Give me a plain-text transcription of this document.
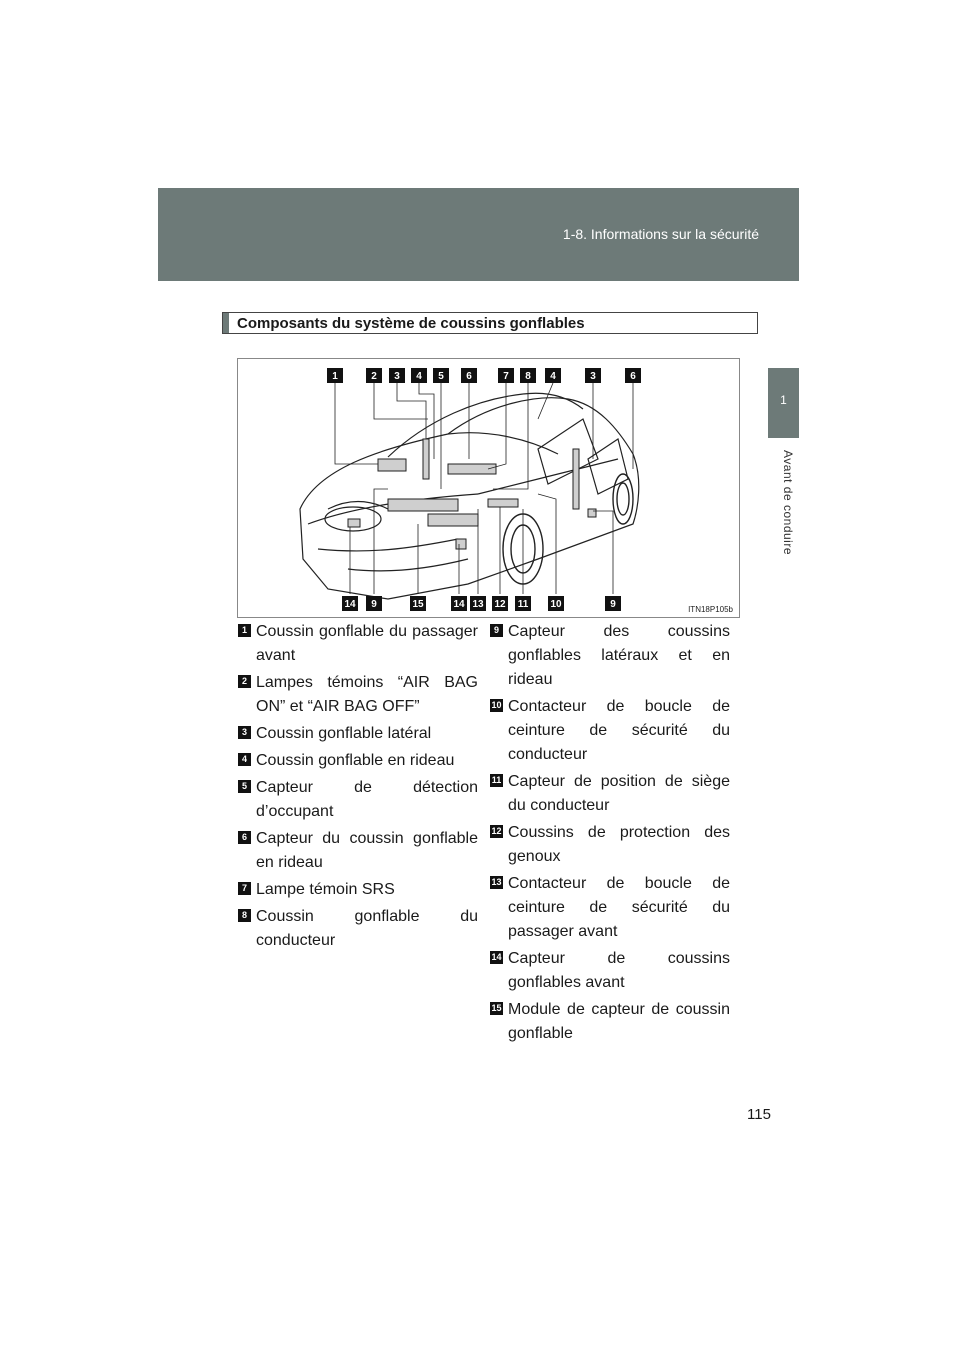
1-8. Informations sur la sécurité
1
Avant de conduire
Composants du système de coussins gonflables
1	2 3 4 5 6	7 8 4	3	6
14 9	15	14 13 12 11 10	9	ITN18P105b
1 Coussin gonflable du passager avant
2 Lampes témoins “AIR BAG ON” et “AIR BAG OFF”
3 Coussin gonflable latéral
4 Coussin gonflable en rideau
5 Capteur de détection d’occupant
6 Capteur du coussin gonflable en rideau
7 Lampe témoin SRS
8 Coussin gonflable du conducteur
9 Capteur des coussins gonflables latéraux et en rideau
10 Contacteur de boucle de ceinture de sécurité du conducteur
11 Capteur de position de siège du conducteur
12 Coussins de protection des genoux
13 Contacteur de boucle de ceinture de sécurité du passager avant
14 Capteur de coussins gonflables avant
15 Module de capteur de coussin gonflable
115
